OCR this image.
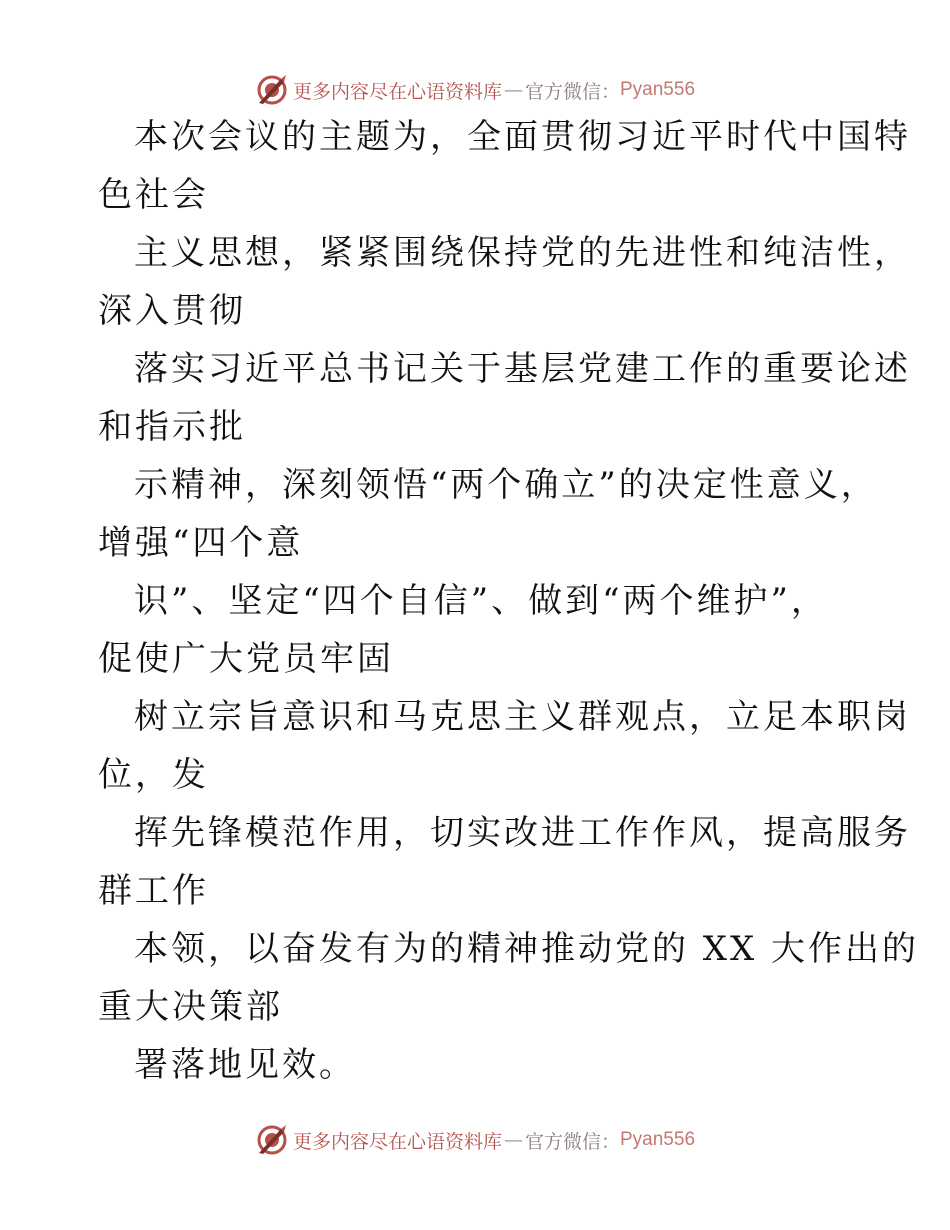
更多内容尽在心语资料库 — 官方微信： Pyan556
本次会议的主题为，全面贯彻习近平时代中国特
色社会
主义思想，紧紧围绕保持党的先进性和纯洁性，
深入贯彻
落实习近平总书记关于基层党建工作的重要论述
和指示批
示精神，深刻领悟“两个确立”的决定性意义，
增强“四个意
识”、坚定“四个自信”、做到“两个维护”，
促使广大党员牢固
树立宗旨意识和马克思主义群观点，立足本职岗
位，发
挥先锋模范作用，切实改进工作作风，提高服务
群工作
本领，以奋发有为的精神推动党的 XX 大作出的
重大决策部
署落地见效。
更多内容尽在心语资料库 — 官方微信： Pyan556
